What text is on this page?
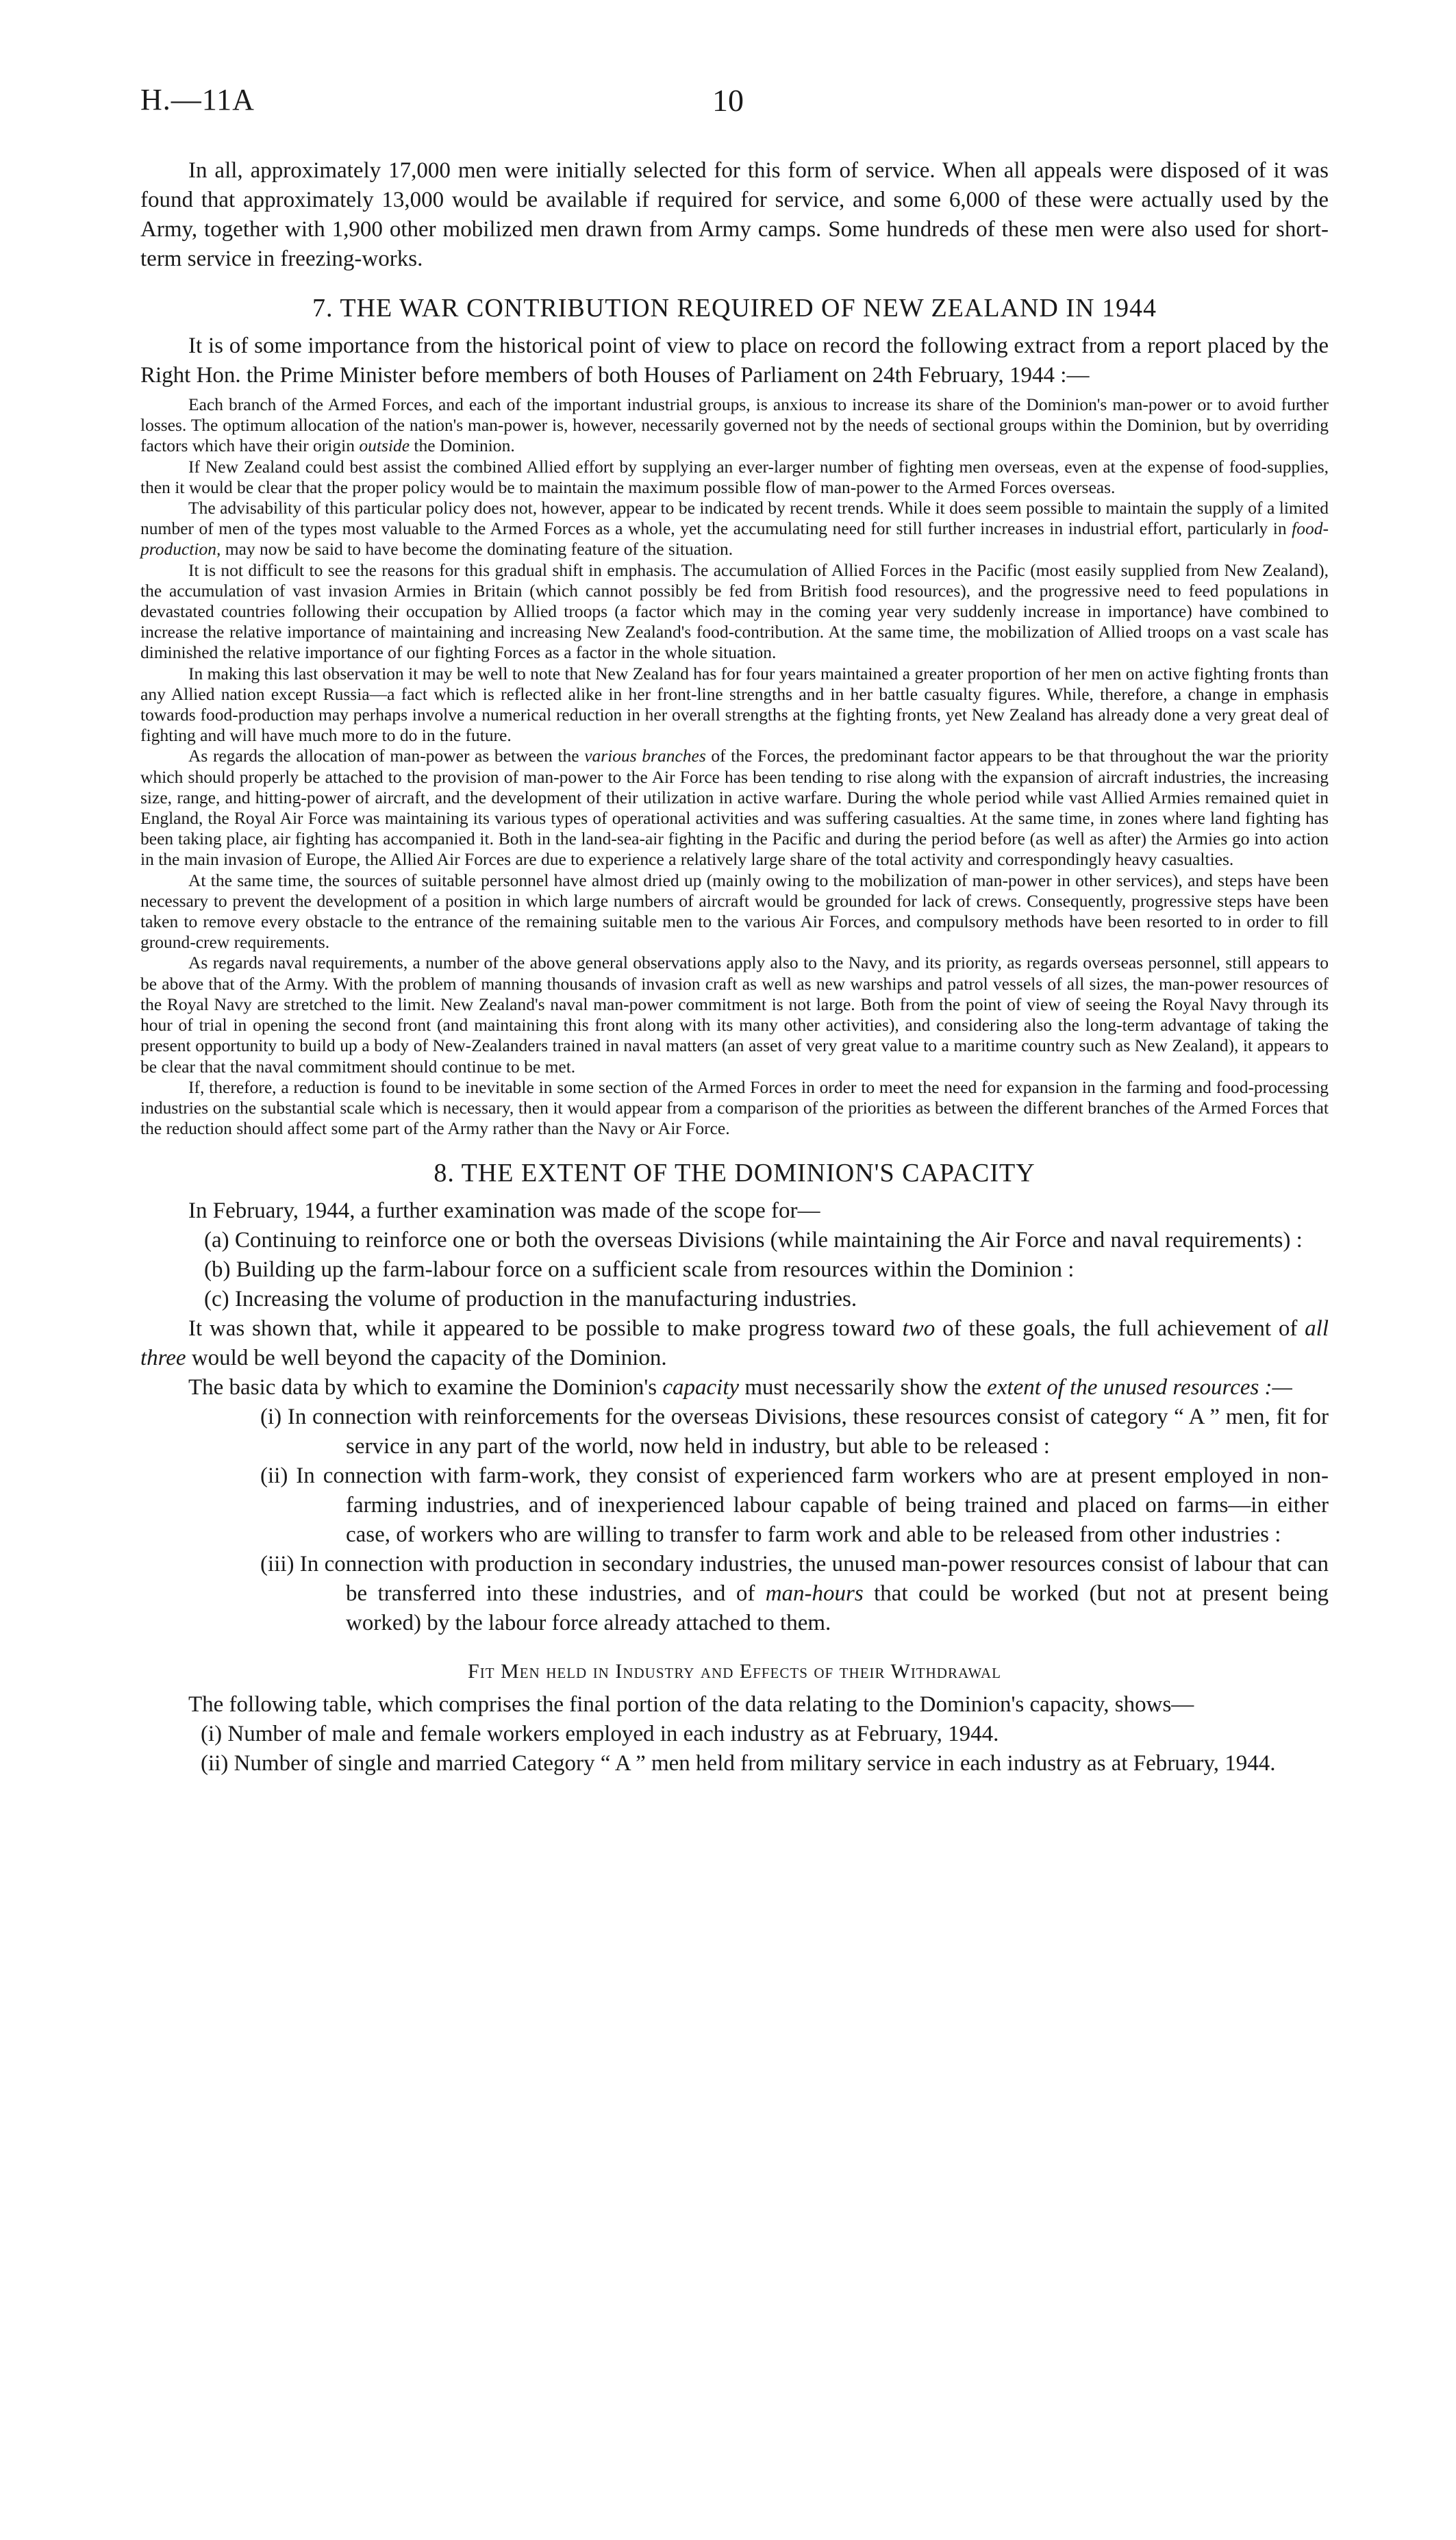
H.—11A	10

In all, approximately 17,000 men were initially selected for this form of service. When all appeals were disposed of it was found that approximately 13,000 would be available if required for service, and some 6,000 of these were actually used by the Army, together with 1,900 other mobilized men drawn from Army camps. Some hundreds of these men were also used for short-term service in freezing-works.

7. THE WAR CONTRIBUTION REQUIRED OF NEW ZEALAND IN 1944

It is of some importance from the historical point of view to place on record the following extract from a report placed by the Right Hon. the Prime Minister before members of both Houses of Parliament on 24th February, 1944 :—

Each branch of the Armed Forces, and each of the important industrial groups, is anxious to increase its share of the Dominion's man-power or to avoid further losses. The optimum allocation of the nation's man-power is, however, necessarily governed not by the needs of sectional groups within the Dominion, but by overriding factors which have their origin outside the Dominion.

If New Zealand could best assist the combined Allied effort by supplying an ever-larger number of fighting men overseas, even at the expense of food-supplies, then it would be clear that the proper policy would be to maintain the maximum possible flow of man-power to the Armed Forces overseas.

The advisability of this particular policy does not, however, appear to be indicated by recent trends. While it does seem possible to maintain the supply of a limited number of men of the types most valuable to the Armed Forces as a whole, yet the accumulating need for still further increases in industrial effort, particularly in food-production, may now be said to have become the dominating feature of the situation.

It is not difficult to see the reasons for this gradual shift in emphasis. The accumulation of Allied Forces in the Pacific (most easily supplied from New Zealand), the accumulation of vast invasion Armies in Britain (which cannot possibly be fed from British food resources), and the progressive need to feed populations in devastated countries following their occupation by Allied troops (a factor which may in the coming year very suddenly increase in importance) have combined to increase the relative importance of maintaining and increasing New Zealand's food-contribution. At the same time, the mobilization of Allied troops on a vast scale has diminished the relative importance of our fighting Forces as a factor in the whole situation.

In making this last observation it may be well to note that New Zealand has for four years maintained a greater proportion of her men on active fighting fronts than any Allied nation except Russia—a fact which is reflected alike in her front-line strengths and in her battle casualty figures. While, therefore, a change in emphasis towards food-production may perhaps involve a numerical reduction in her overall strengths at the fighting fronts, yet New Zealand has already done a very great deal of fighting and will have much more to do in the future.

As regards the allocation of man-power as between the various branches of the Forces, the predominant factor appears to be that throughout the war the priority which should properly be attached to the provision of man-power to the Air Force has been tending to rise along with the expansion of aircraft industries, the increasing size, range, and hitting-power of aircraft, and the development of their utilization in active warfare. During the whole period while vast Allied Armies remained quiet in England, the Royal Air Force was maintaining its various types of operational activities and was suffering casualties. At the same time, in zones where land fighting has been taking place, air fighting has accompanied it. Both in the land-sea-air fighting in the Pacific and during the period before (as well as after) the Armies go into action in the main invasion of Europe, the Allied Air Forces are due to experience a relatively large share of the total activity and correspondingly heavy casualties.

At the same time, the sources of suitable personnel have almost dried up (mainly owing to the mobilization of man-power in other services), and steps have been necessary to prevent the development of a position in which large numbers of aircraft would be grounded for lack of crews. Consequently, progressive steps have been taken to remove every obstacle to the entrance of the remaining suitable men to the various Air Forces, and compulsory methods have been resorted to in order to fill ground-crew requirements.

As regards naval requirements, a number of the above general observations apply also to the Navy, and its priority, as regards overseas personnel, still appears to be above that of the Army. With the problem of manning thousands of invasion craft as well as new warships and patrol vessels of all sizes, the man-power resources of the Royal Navy are stretched to the limit. New Zealand's naval man-power commitment is not large. Both from the point of view of seeing the Royal Navy through its hour of trial in opening the second front (and maintaining this front along with its many other activities), and considering also the long-term advantage of taking the present opportunity to build up a body of New-Zealanders trained in naval matters (an asset of very great value to a maritime country such as New Zealand), it appears to be clear that the naval commitment should continue to be met.

If, therefore, a reduction is found to be inevitable in some section of the Armed Forces in order to meet the need for expansion in the farming and food-processing industries on the substantial scale which is necessary, then it would appear from a comparison of the priorities as between the different branches of the Armed Forces that the reduction should affect some part of the Army rather than the Navy or Air Force.

8. THE EXTENT OF THE DOMINION'S CAPACITY

In February, 1944, a further examination was made of the scope for—

(a) Continuing to reinforce one or both the overseas Divisions (while maintaining the Air Force and naval requirements) :

(b) Building up the farm-labour force on a sufficient scale from resources within the Dominion :

(c) Increasing the volume of production in the manufacturing industries.

It was shown that, while it appeared to be possible to make progress toward two of these goals, the full achievement of all three would be well beyond the capacity of the Dominion.

The basic data by which to examine the Dominion's capacity must necessarily show the extent of the unused resources :—

(i) In connection with reinforcements for the overseas Divisions, these resources consist of category “ A ” men, fit for service in any part of the world, now held in industry, but able to be released :

(ii) In connection with farm-work, they consist of experienced farm workers who are at present employed in non-farming industries, and of inexperienced labour capable of being trained and placed on farms—in either case, of workers who are willing to transfer to farm work and able to be released from other industries :

(iii) In connection with production in secondary industries, the unused man-power resources consist of labour that can be transferred into these industries, and of man-hours that could be worked (but not at present being worked) by the labour force already attached to them.

Fit Men held in Industry and Effects of their Withdrawal

The following table, which comprises the final portion of the data relating to the Dominion's capacity, shows—

(i) Number of male and female workers employed in each industry as at February, 1944.

(ii) Number of single and married Category “ A ” men held from military service in each industry as at February, 1944.
